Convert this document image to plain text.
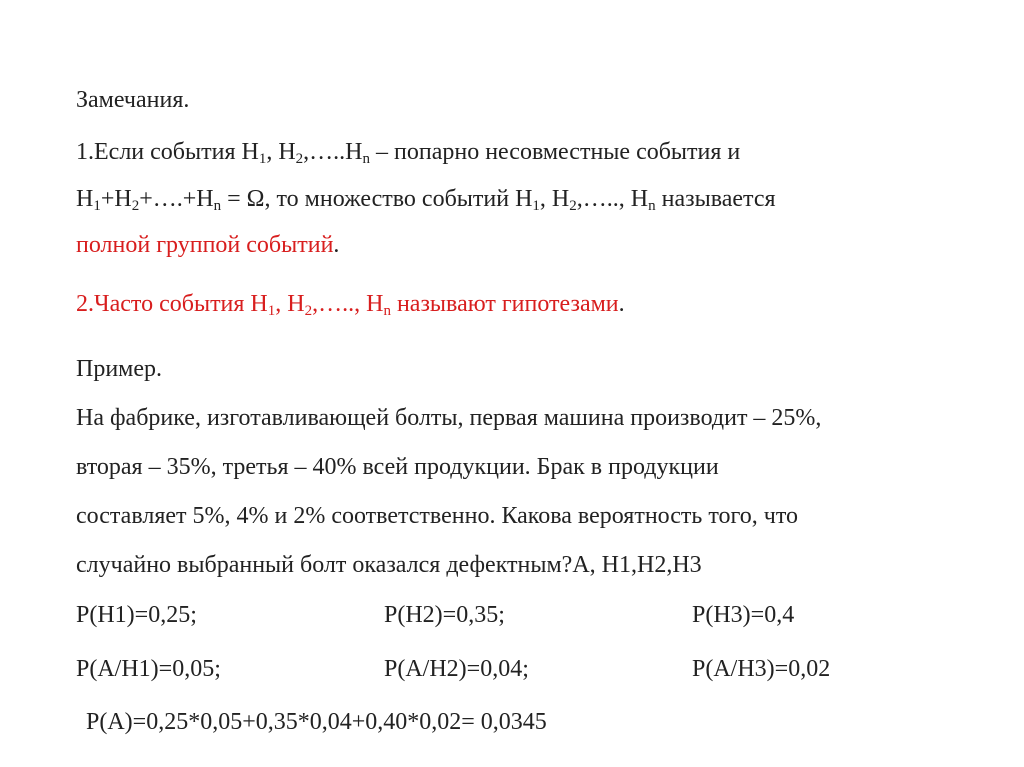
Замечания.
1.Если события $Н_1$, $Н_2,\dots..Н_n$ – попарно несовместные события и
$Н_1+Н_2+\dots.+Н_n = \Omega$, то множество событий $Н_1$, $Н_2,\dots$.., $Н_n$ называется
полной группой событий.
2.Часто события $Н_1$, $Н_2,\dots$.., $Н_n$ называют гипотезами.
Пример.
На фабрике, изготавливающей болты, первая машина производит – 25%,
вторая – 35%, третья – 40% всей продукции. Брак в продукции
составляет 5%, 4% и 2% соответственно. Какова вероятность того, что
случайно выбранный болт оказался дефектным?А, Н1,Н2,Н3
Р(Н1)=0,25;	Р(Н2)=0,35;	Р(Н3)=0,4
Р(А/Н1)=0,05;	Р(А/Н2)=0,04;	Р(А/Н3)=0,02
Р(А)=0,25*0,05+0,35*0,04+0,40*0,02= 0,0345
